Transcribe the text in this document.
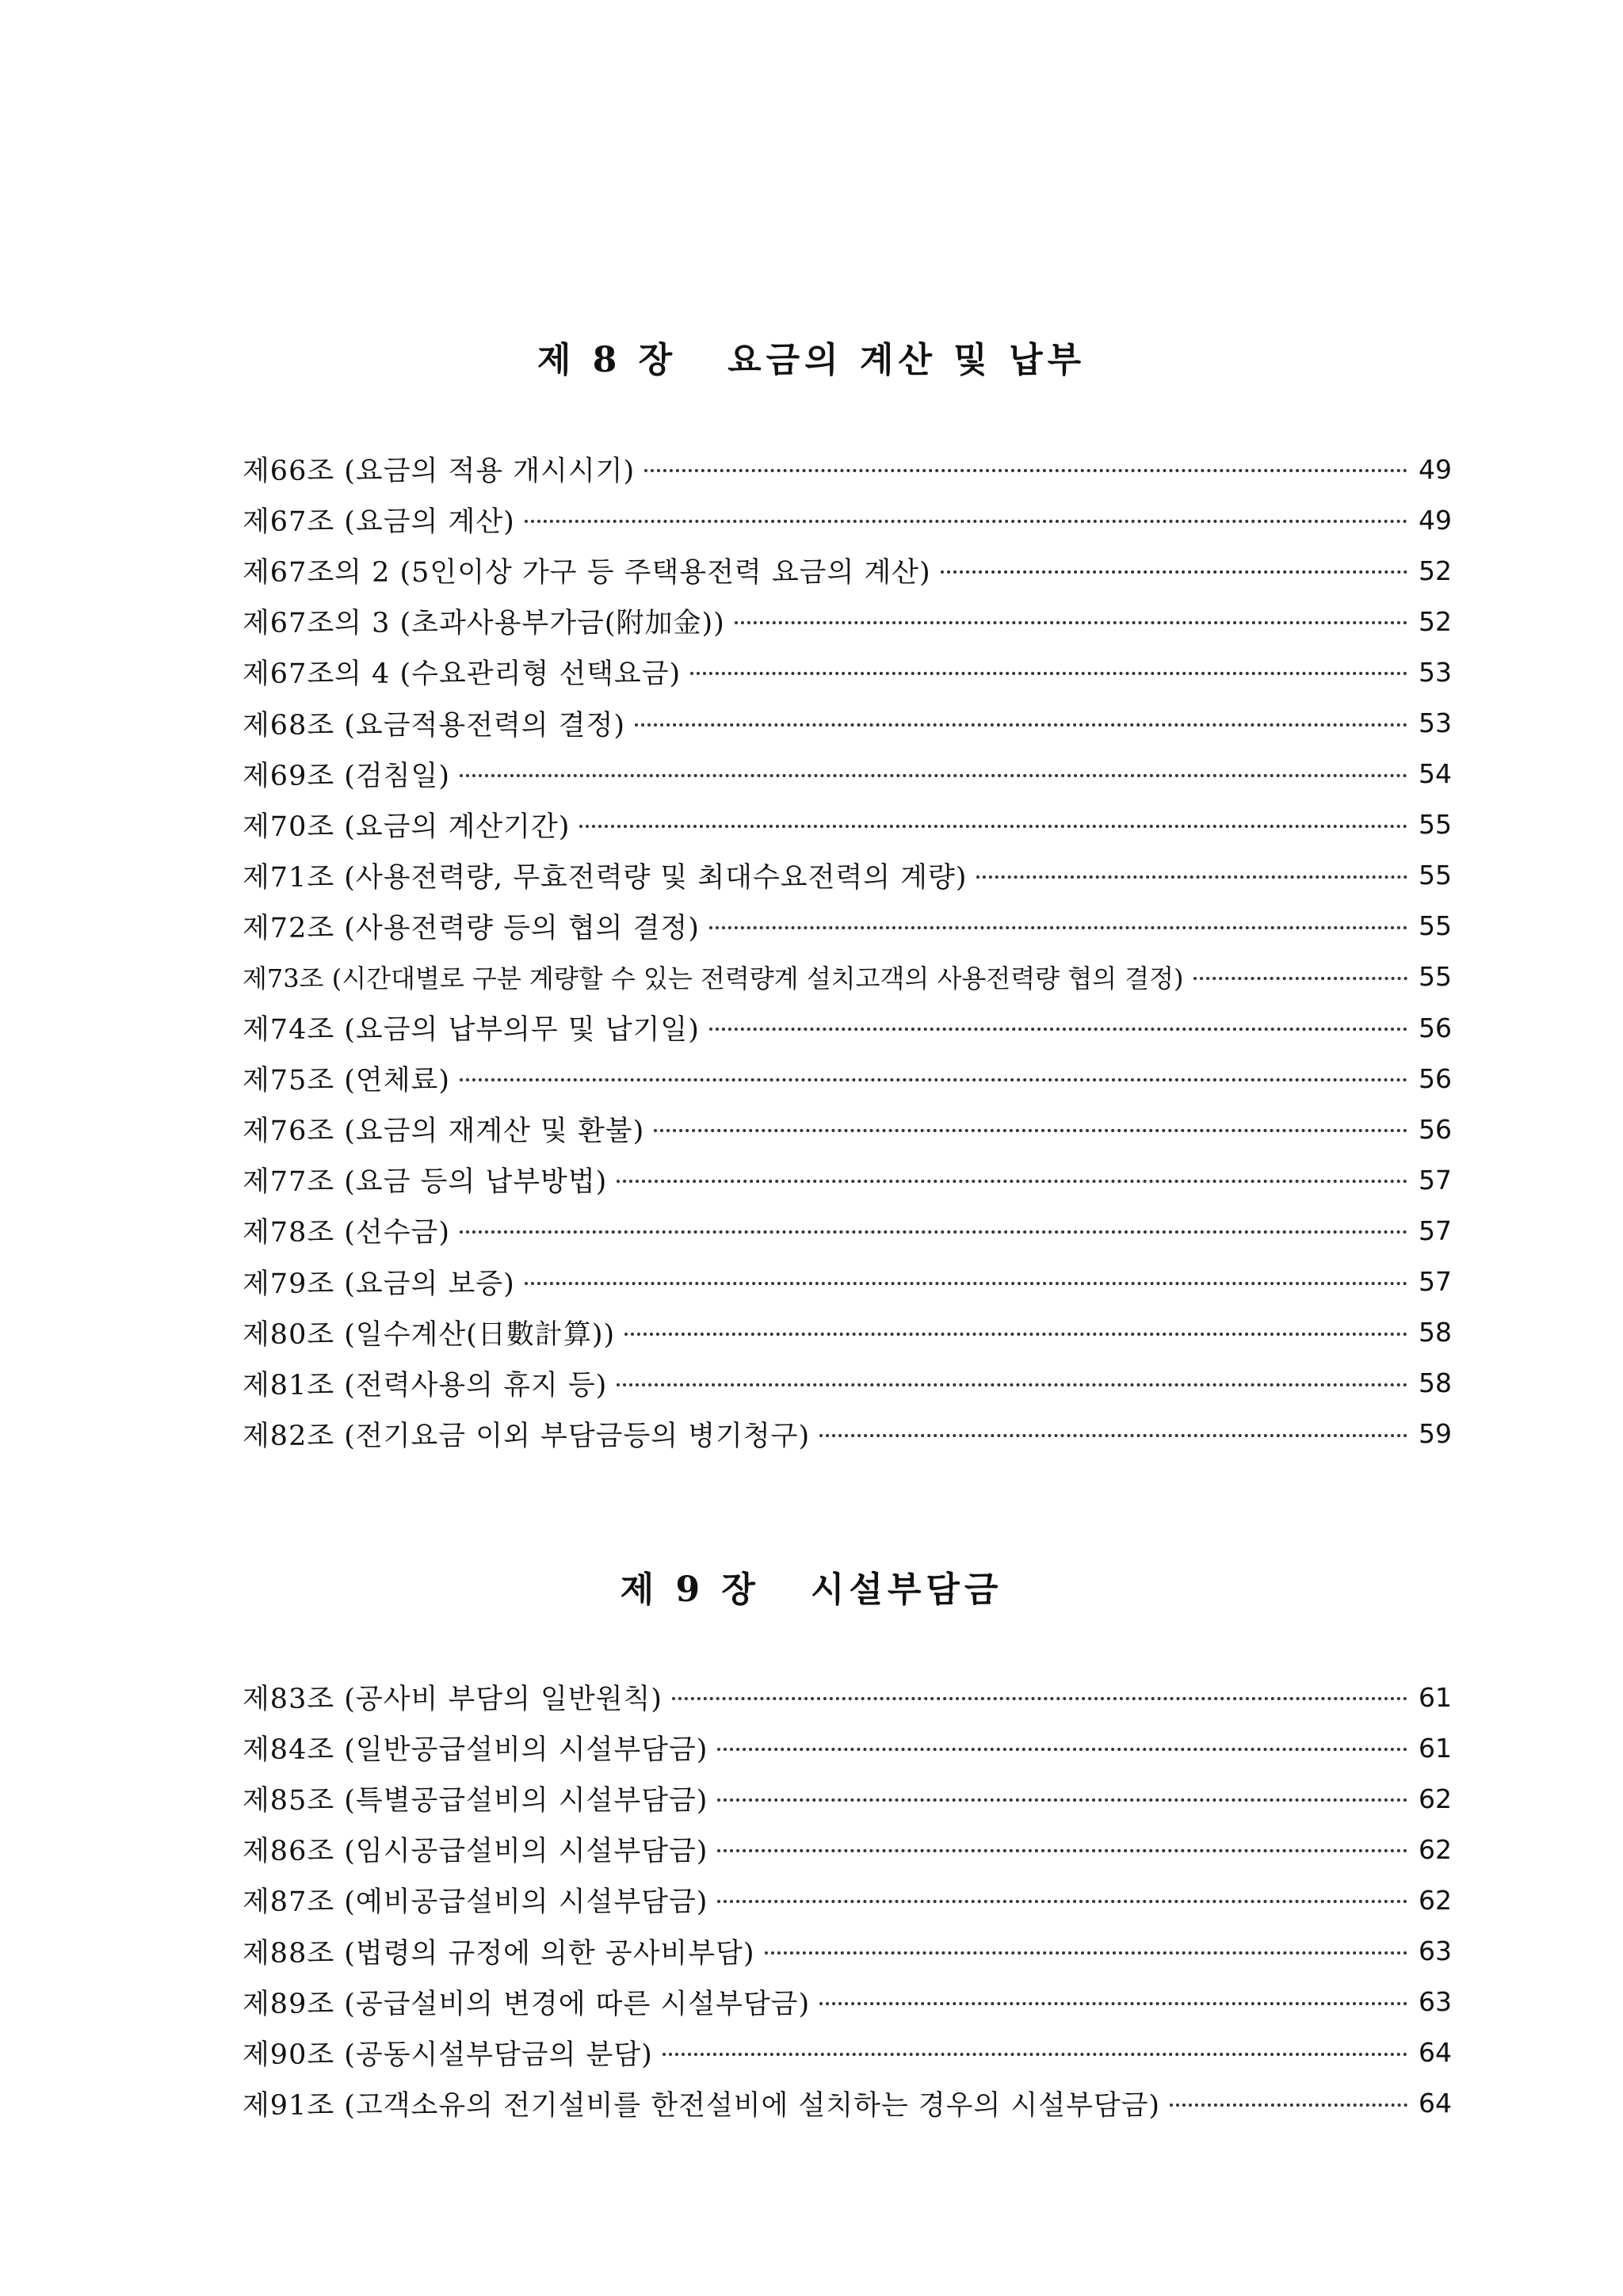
제 8 장   요금의 계산 및 납부
제66조 (요금의 적용 개시시기)	49
제67조 (요금의 계산)	49
제67조의 2 (5인이상 가구 등 주택용전력 요금의 계산)	52
제67조의 3 (초과사용부가금(附加金))	52
제67조의 4 (수요관리형 선택요금)	53
제68조 (요금적용전력의 결정)	53
제69조 (검침일)	54
제70조 (요금의 계산기간)	55
제71조 (사용전력량, 무효전력량 및 최대수요전력의 계량)	55
제72조 (사용전력량 등의 협의 결정)	55
제73조 (시간대별로 구분 계량할 수 있는 전력량계 설치고객의 사용전력량 협의 결정)	55
제74조 (요금의 납부의무 및 납기일)	56
제75조 (연체료)	56
제76조 (요금의 재계산 및 환불)	56
제77조 (요금 등의 납부방법)	57
제78조 (선수금)	57
제79조 (요금의 보증)	57
제80조 (일수계산(日數計算))	58
제81조 (전력사용의 휴지 등)	58
제82조 (전기요금 이외 부담금등의 병기청구)	59
제 9 장   시설부담금
제83조 (공사비 부담의 일반원칙)	61
제84조 (일반공급설비의 시설부담금)	61
제85조 (특별공급설비의 시설부담금)	62
제86조 (임시공급설비의 시설부담금)	62
제87조 (예비공급설비의 시설부담금)	62
제88조 (법령의 규정에 의한 공사비부담)	63
제89조 (공급설비의 변경에 따른 시설부담금)	63
제90조 (공동시설부담금의 분담)	64
제91조 (고객소유의 전기설비를 한전설비에 설치하는 경우의 시설부담금)	64
